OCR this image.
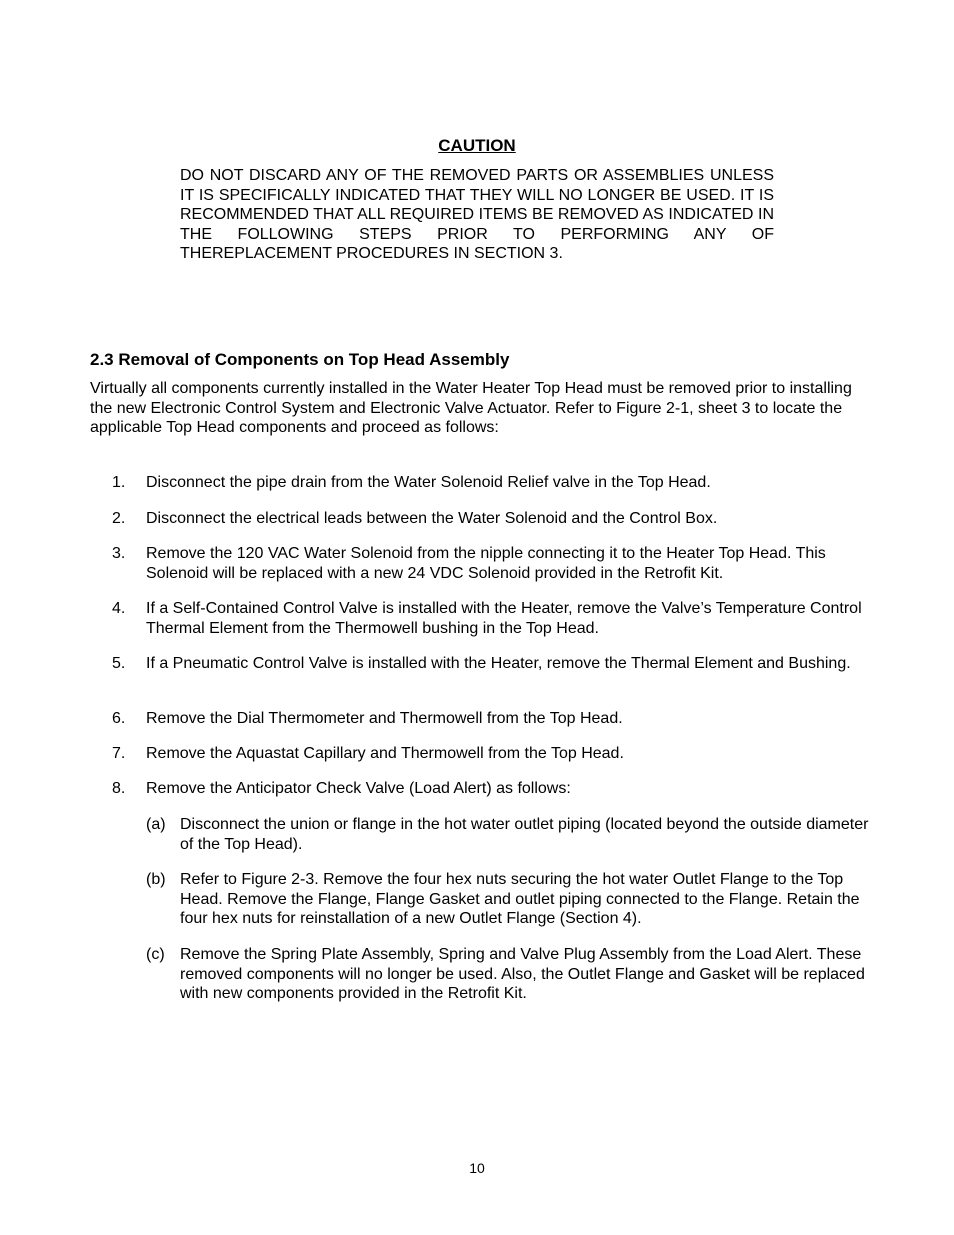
CAUTION

DO NOT DISCARD ANY OF THE REMOVED PARTS OR ASSEMBLIES UNLESS IT IS SPECIFICALLY INDICATED THAT THEY WILL NO LONGER BE USED. IT IS RECOMMENDED THAT ALL REQUIRED ITEMS BE REMOVED AS INDICATED IN THE FOLLOWING STEPS PRIOR TO PERFORMING ANY OF THEREPLACEMENT PROCEDURES IN SECTION 3.

2.3 Removal of Components on Top Head Assembly

Virtually all components currently installed in the Water Heater Top Head must be removed prior to installing the new Electronic Control System and Electronic Valve Actuator. Refer to Figure 2-1, sheet 3 to locate the applicable Top Head components and proceed as follows:

1. Disconnect the pipe drain from the Water Solenoid Relief valve in the Top Head.
2. Disconnect the electrical leads between the Water Solenoid and the Control Box.
3. Remove the 120 VAC Water Solenoid from the nipple connecting it to the Heater Top Head. This Solenoid will be replaced with a new 24 VDC Solenoid provided in the Retrofit Kit.
4. If a Self-Contained Control Valve is installed with the Heater, remove the Valve’s Temperature Control Thermal Element from the Thermowell bushing in the Top Head.
5. If a Pneumatic Control Valve is installed with the Heater, remove the Thermal Element and Bushing.
6. Remove the Dial Thermometer and Thermowell from the Top Head.
7. Remove the Aquastat Capillary and Thermowell from the Top Head.
8. Remove the Anticipator Check Valve (Load Alert) as follows:
(a) Disconnect the union or flange in the hot water outlet piping (located beyond the outside diameter of the Top Head).
(b) Refer to Figure 2-3. Remove the four hex nuts securing the hot water Outlet Flange to the Top Head. Remove the Flange, Flange Gasket and outlet piping connected to the Flange. Retain the four hex nuts for reinstallation of a new Outlet Flange (Section 4).
(c) Remove the Spring Plate Assembly, Spring and Valve Plug Assembly from the Load Alert. These removed components will no longer be used. Also, the Outlet Flange and Gasket will be replaced with new components provided in the Retrofit Kit.
10
